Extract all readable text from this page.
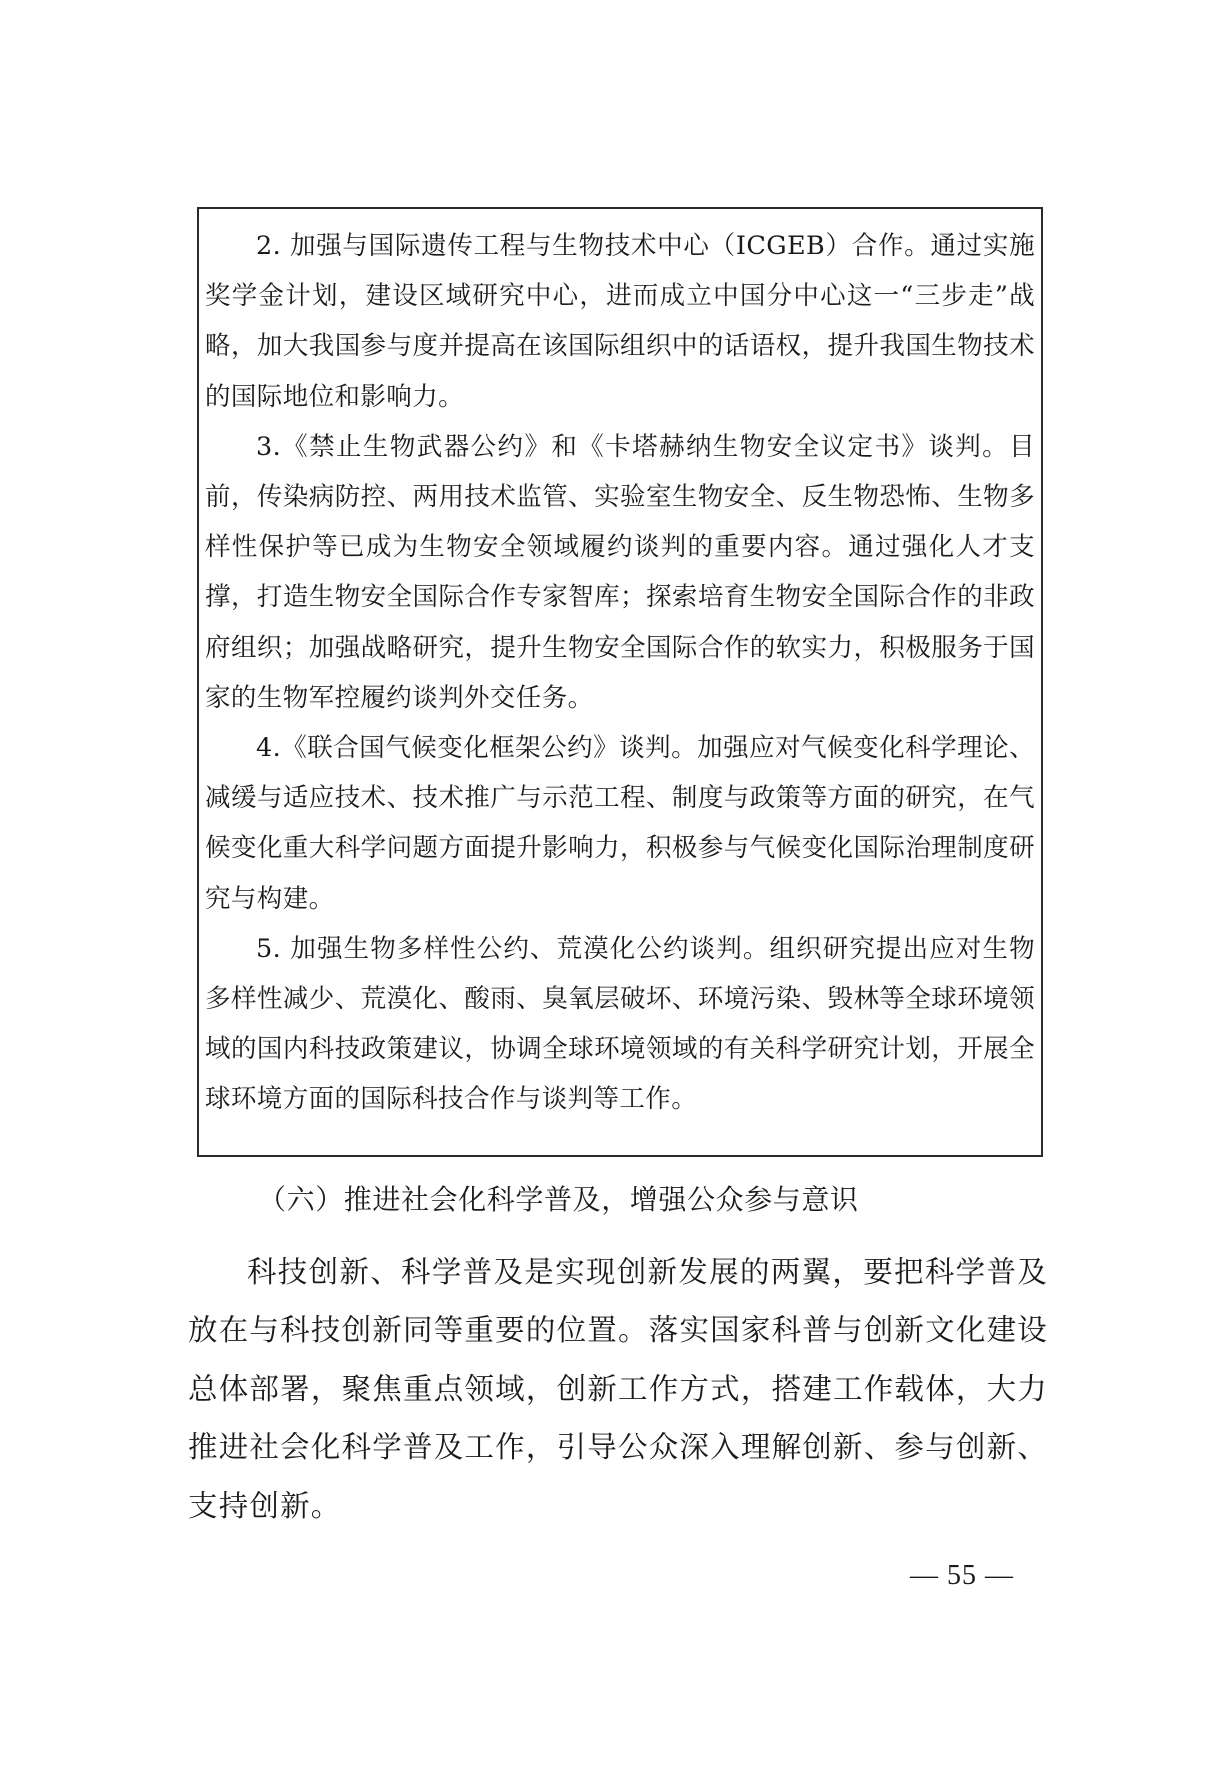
2. 加强与国际遗传工程与生物技术中心（ICGEB）合作。通过实施奖学金计划，建设区域研究中心，进而成立中国分中心这一“三步走”战略，加大我国参与度并提高在该国际组织中的话语权，提升我国生物技术的国际地位和影响力。

3.《禁止生物武器公约》和《卡塔赫纳生物安全议定书》谈判。目前，传染病防控、两用技术监管、实验室生物安全、反生物恐怖、生物多样性保护等已成为生物安全领域履约谈判的重要内容。通过强化人才支撑，打造生物安全国际合作专家智库；探索培育生物安全国际合作的非政府组织；加强战略研究，提升生物安全国际合作的软实力，积极服务于国家的生物军控履约谈判外交任务。

4.《联合国气候变化框架公约》谈判。加强应对气候变化科学理论、减缓与适应技术、技术推广与示范工程、制度与政策等方面的研究，在气候变化重大科学问题方面提升影响力，积极参与气候变化国际治理制度研究与构建。

5. 加强生物多样性公约、荒漠化公约谈判。组织研究提出应对生物多样性减少、荒漠化、酸雨、臭氧层破坏、环境污染、毁林等全球环境领域的国内科技政策建议，协调全球环境领域的有关科学研究计划，开展全球环境方面的国际科技合作与谈判等工作。

（六）推进社会化科学普及，增强公众参与意识

科技创新、科学普及是实现创新发展的两翼，要把科学普及放在与科技创新同等重要的位置。落实国家科普与创新文化建设总体部署，聚焦重点领域，创新工作方式，搭建工作载体，大力推进社会化科学普及工作，引导公众深入理解创新、参与创新、支持创新。

— 55 —
